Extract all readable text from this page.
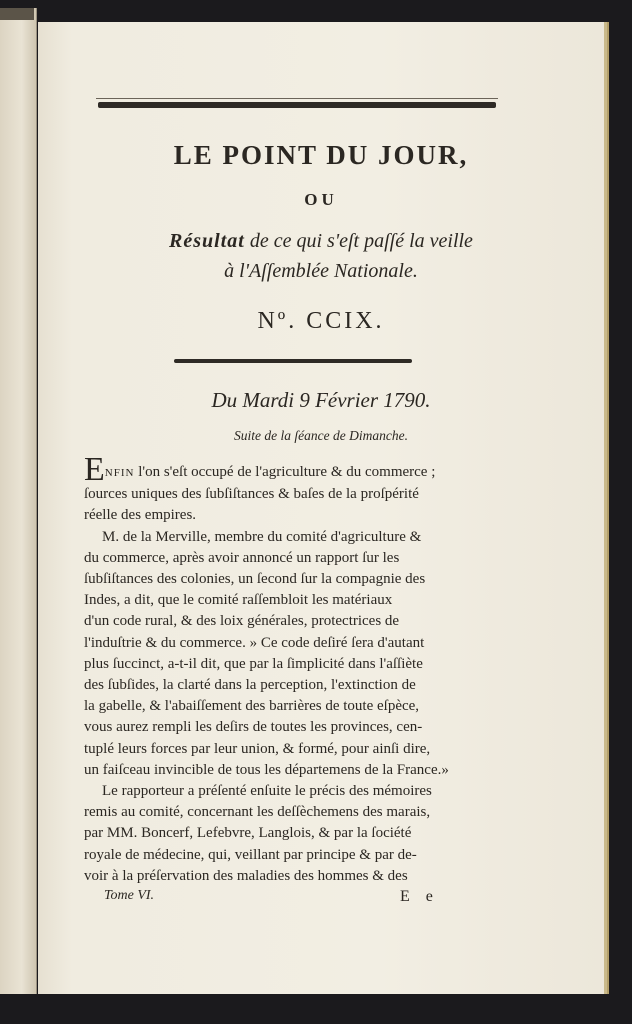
LE POINT DU JOUR,
OU
Résultat de ce qui s'eſt paſſé la veille
à l'Aſſemblée Nationale.
Nº. CCIX.
Du Mardi 9 Février 1790.
Suite de la ſéance de Dimanche.
ENFIN l'on s'eſt occupé de l'agriculture & du commerce ;
ſources uniques des ſubſiſtances & baſes de la proſpérité
réelle des empires.
M. de la Merville, membre du comité d'agriculture &
du commerce, après avoir annoncé un rapport ſur les
ſubſiſtances des colonies, un ſecond ſur la compagnie des
Indes, a dit, que le comité raſſembloit les matériaux
d'un code rural, & des loix générales, protectrices de
l'induſtrie & du commerce. » Ce code deſiré ſera d'autant
plus ſuccinct, a-t-il dit, que par la ſimplicité dans l'aſſiète
des ſubſides, la clarté dans la perception, l'extinction de
la gabelle, & l'abaiſſement des barrières de toute eſpèce,
vous aurez rempli les deſirs de toutes les provinces, cen-
tuplé leurs forces par leur union, & formé, pour ainſi dire,
un faiſceau invincible de tous les départemens de la France.»
Le rapporteur a préſenté enſuite le précis des mémoires
remis au comité, concernant les deſſèchemens des marais,
par MM. Boncerf, Lefebvre, Langlois, & par la ſociété
royale de médecine, qui, veillant par principe & par de-
voir à la préſervation des maladies des hommes & des
Tome VI.	E e
